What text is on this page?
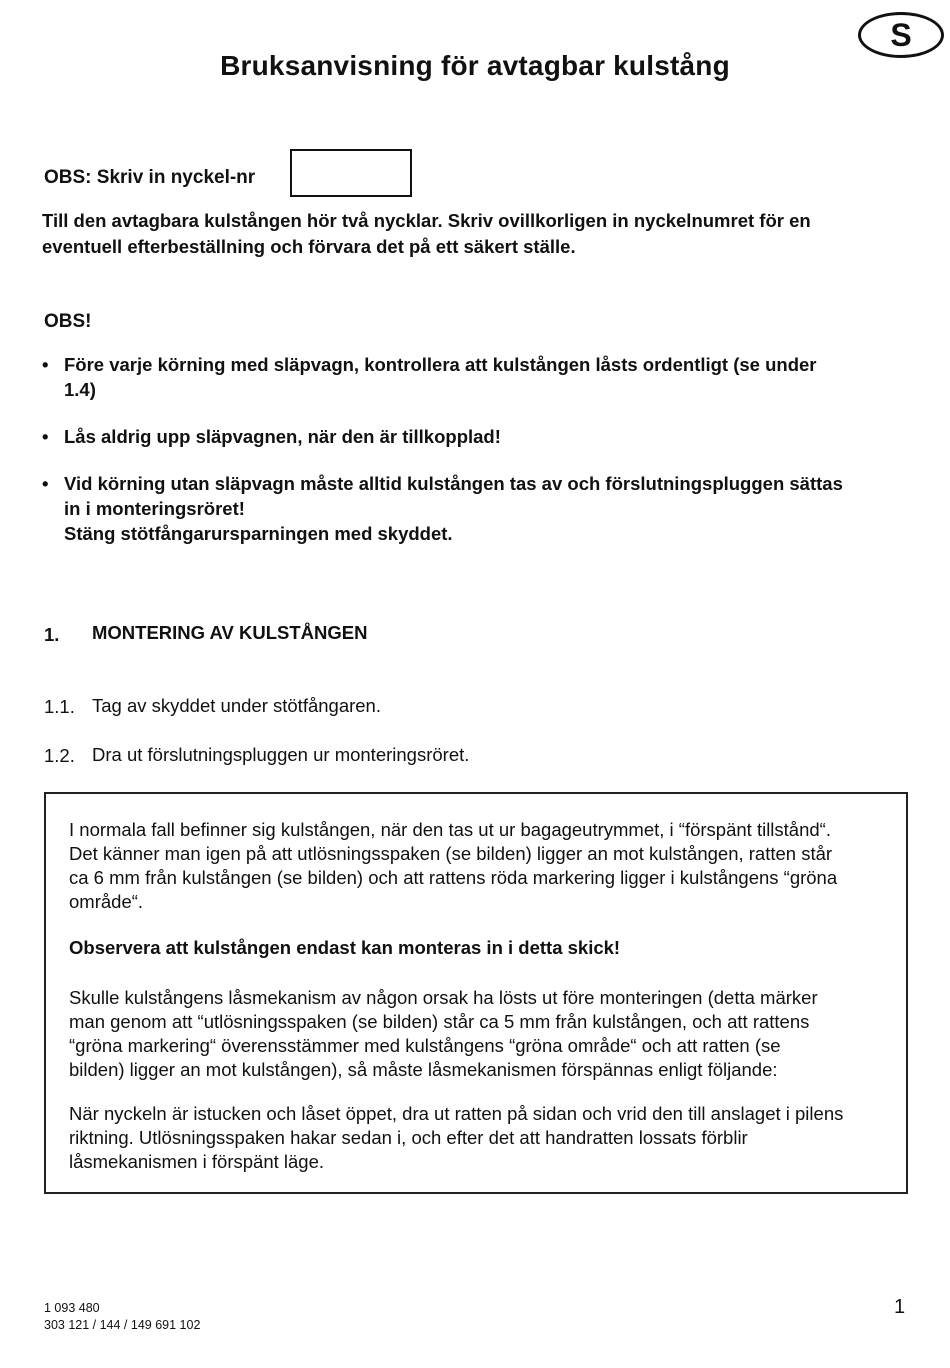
S
Bruksanvisning för avtagbar kulstång
OBS: Skriv in nyckel-nr
Till den avtagbara kulstången hör två nycklar. Skriv ovillkorligen in nyckelnumret för en
eventuell efterbeställning och förvara det på ett säkert ställe.
OBS!
• Före varje körning med släpvagn, kontrollera att kulstången låsts ordentligt (se under
1.4)
• Lås aldrig upp släpvagnen, när den är tillkopplad!
• Vid körning utan släpvagn måste alltid kulstången tas av och förslutningspluggen sättas
in i monteringsröret!
Stäng stötfångarursparningen med skyddet.
1. MONTERING AV KULSTÅNGEN
1.1. Tag av skyddet under stötfångaren.
1.2. Dra ut förslutningspluggen ur monteringsröret.
I normala fall befinner sig kulstången, när den tas ut ur bagageutrymmet, i “förspänt tillstånd“.
Det känner man igen på att utlösningsspaken (se bilden) ligger an mot kulstången, ratten står
ca 6 mm från kulstången (se bilden) och att rattens röda markering ligger i kulstångens “gröna
område“.
Observera att kulstången endast kan monteras in i detta skick!
Skulle kulstångens låsmekanism av någon orsak ha lösts ut före monteringen (detta märker
man genom att “utlösningsspaken (se bilden) står ca 5 mm från kulstången, och att rattens
“gröna markering“ överensstämmer med kulstångens “gröna område“ och att ratten (se
bilden) ligger an mot kulstången), så måste låsmekanismen förspännas enligt följande:
När nyckeln är istucken och låset öppet, dra ut ratten på sidan och vrid den till anslaget i pilens
riktning. Utlösningsspaken hakar sedan i, och efter det att handratten lossats förblir
låsmekanismen i förspänt läge.
1 093 480
303 121 / 144 / 149 691 102
1
